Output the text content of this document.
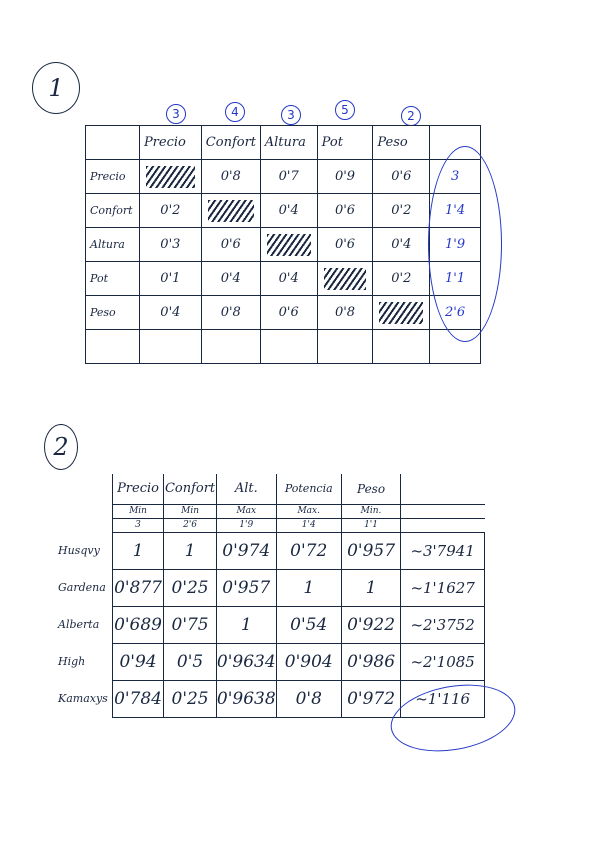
1
3	4	3	5	2
	Precio	Confort	Altura	Pot	Peso	
Precio		0'8	0'7	0'9	0'6	3
Confort	0'2		0'4	0'6	0'2	1'4
Altura	0'3	0'6		0'6	0'4	1'9
Pot	0'1	0'4	0'4		0'2	1'1
Peso	0'4	0'8	0'6	0'8		2'6

2
	Precio	Confort	Alt.	Potencia	Peso	
	Min	Min	Max	Max.	Min.	
	3	2'6	1'9	1'4	1'1	
Husqvy	1	1	0'974	0'72	0'957	~3'7941
Gardena	0'877	0'25	0'957	1	1	~1'1627
Alberta	0'689	0'75	1	0'54	0'922	~2'3752
High	0'94	0'5	0'9634	0'904	0'986	~2'1085
Kamaxys	0'784	0'25	0'9638	0'8	0'972	~1'116
